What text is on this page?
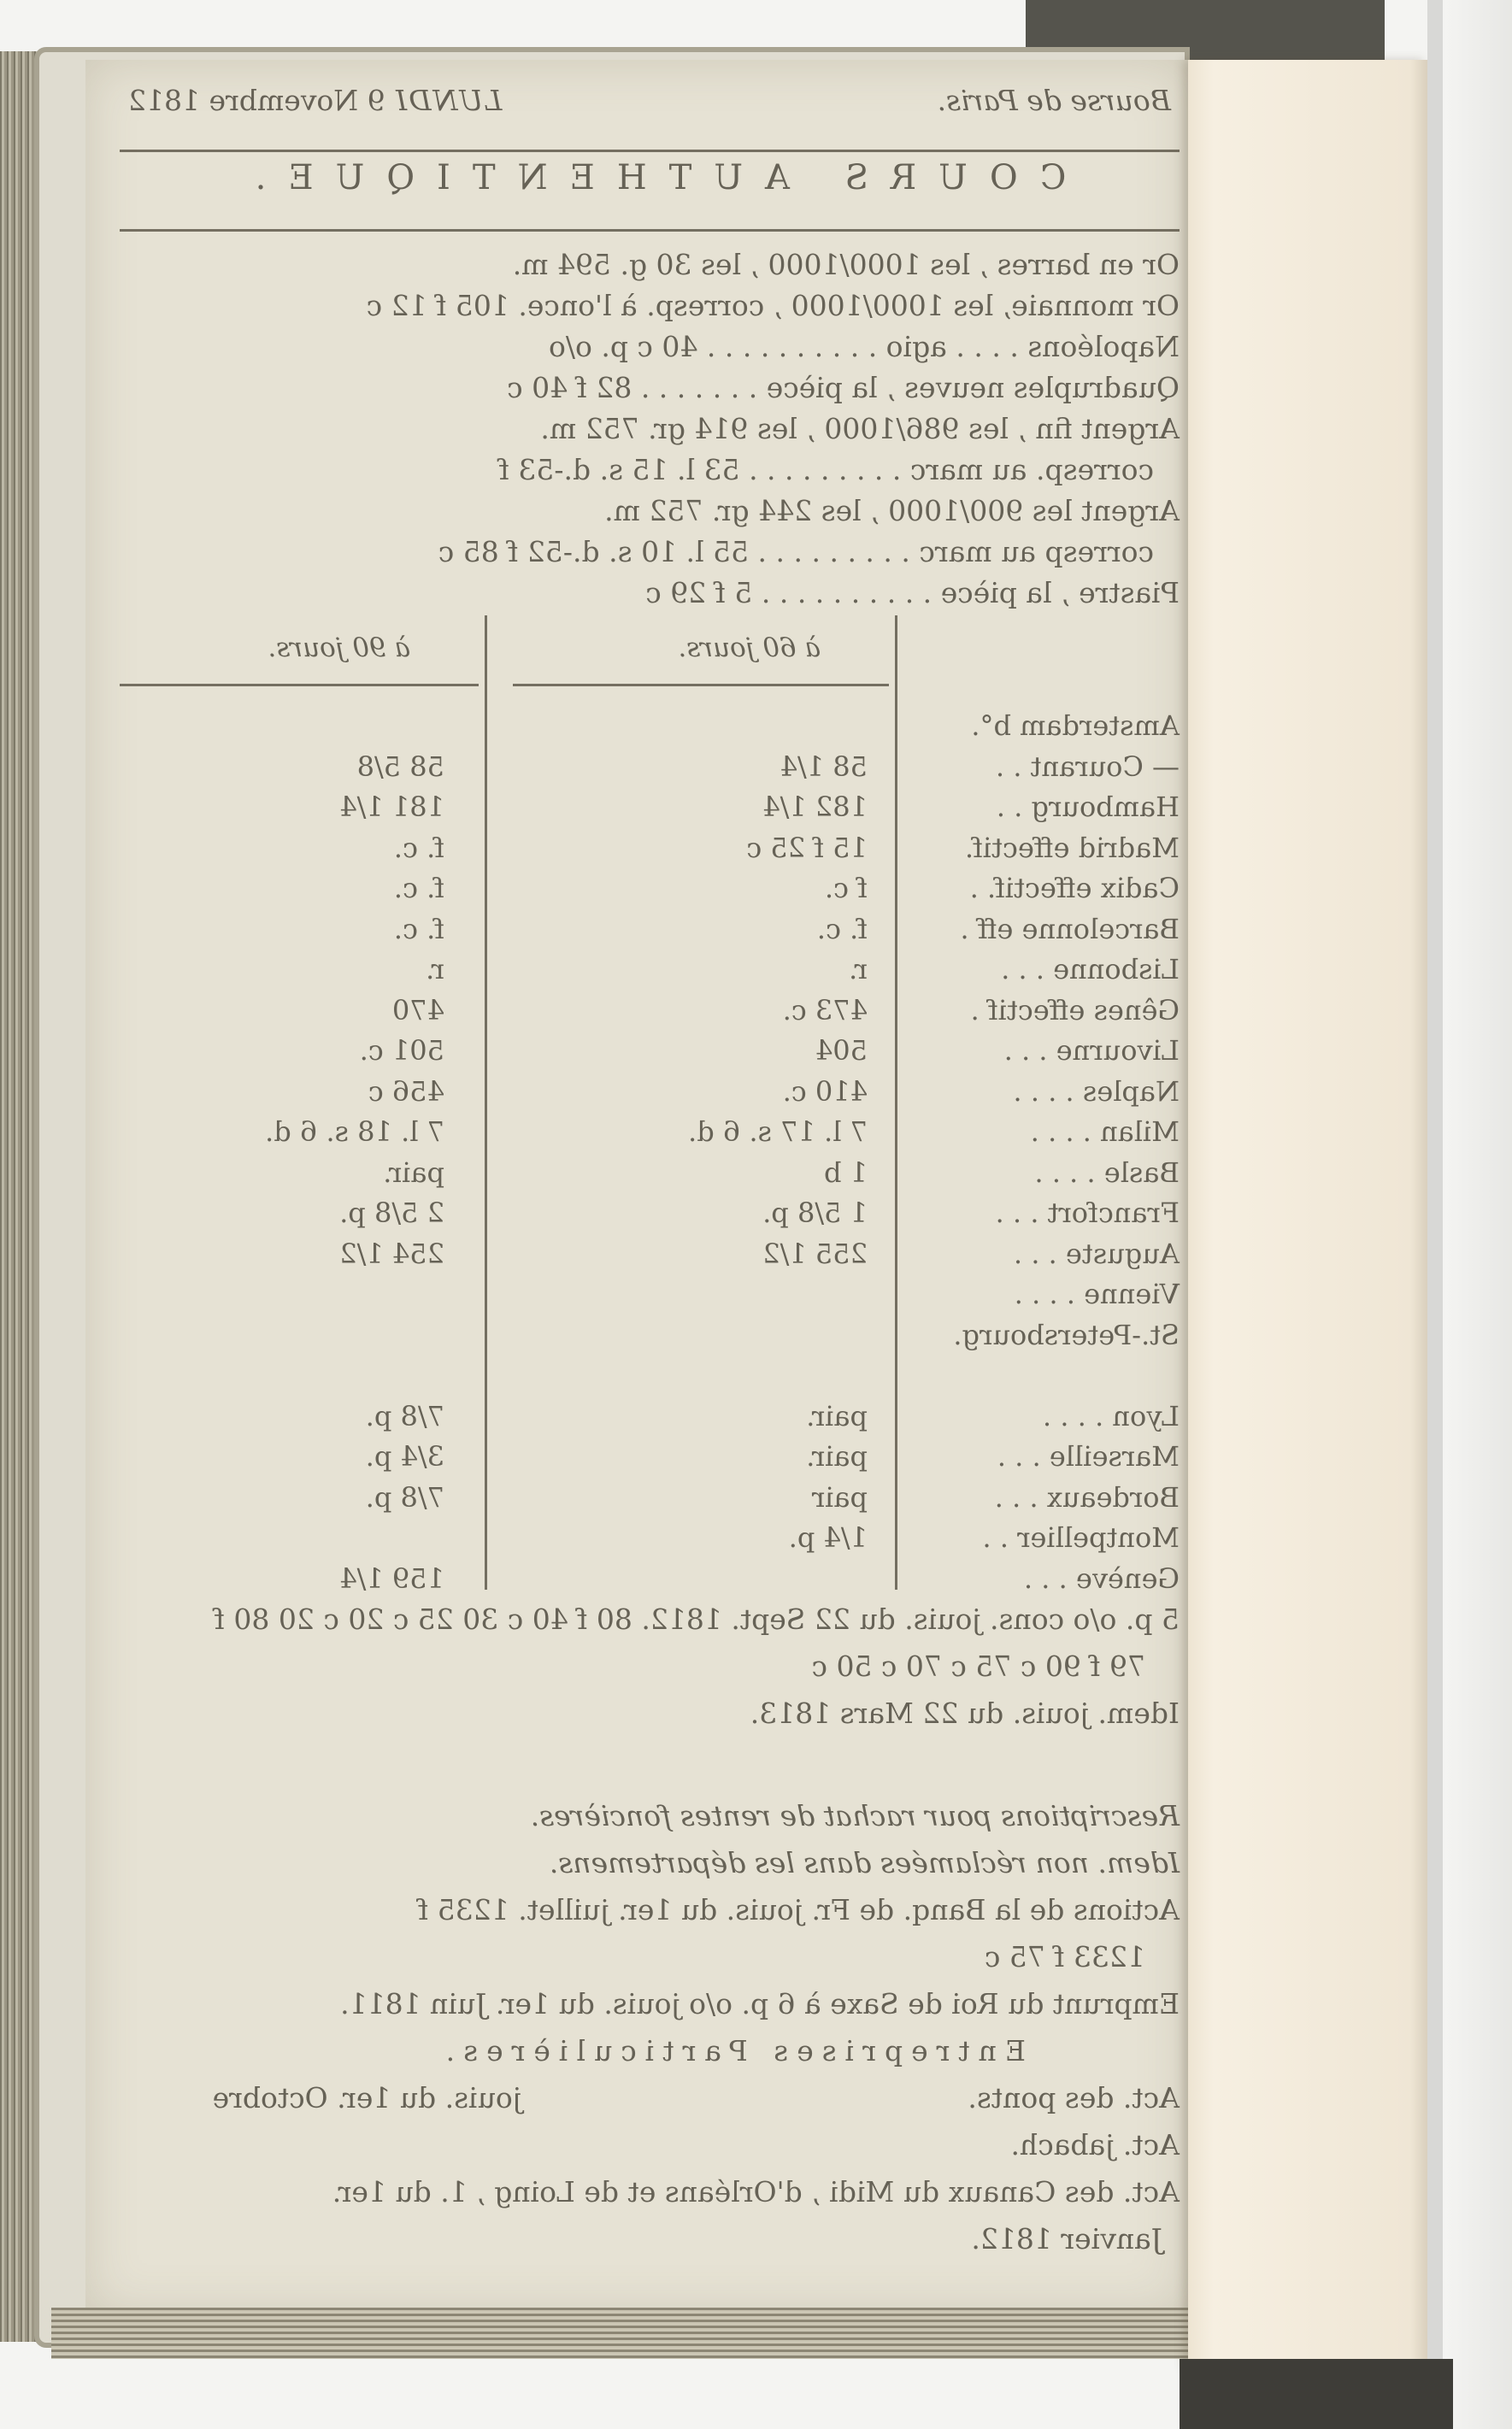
Bourse de Paris.
LUNDI 9 Novembre 1812
COURS AUTHENTIQUE.
Or en barres , les 1000/1000 , les 30 g. 594 m.
Or monnaie, les 1000/1000 , corresp. à l'once. 105 f 12 c
Napoléons . . . . agio . . . . . . . . . . 40 c p. o/o
Quadruples neuves , la pièce . . . . . . . 82 f 40 c
Argent fin , les 986/1000 , les 914 gr. 752 m.
corresp. au marc . . . . . . . . . 53 l. 15 s. d.-53 f
Argent les 900/1000 , les 244 gr. 752 m.
corresp au marc . . . . . . . . . 55 l. 10 s. d.-52 f 85 c
Piastre , la pièce . . . . . . . . . . 5 f 29 c
à 60 jours.
à 90 jours.
Amsterdam b°.
— Courant . .
58 1/4
58 5/8
Hambourg . .
182 1/4
181 1/4
Madrid effectif.
15 f 25 c
f. c.
Cadix effectif. .
f c.
f. c.
Barcelonne eff .
f. c.
f. c.
Lisbonne . . .
r.
r.
Gênes effectif .
473 c.
470
Livourne . . .
504
501 c.
Naples . . . .
410 c.
456 c
Milan . . . .
7 l. 17 s. 6 d.
7 l. 18 s. 6 d.
Basle . . . .
1 b
pair.
Francfort . . .
1 5/8 p.
2 5/8 p.
Auguste . . .
255 1/2
254 1/2
Vienne . . . .
St.-Petersbourg.
Lyon . . . .
pair.
7/8 p.
Marseille . . .
pair.
3/4 p.
Bordeaux . . .
pair
7/8 p.
Montpellier . .
1/4 p.
Genève . . .
159 1/4
5 p. o/o cons. jouis. du 22 Sept. 1812. 80 f 40 c 30 25 c 20 c 20 80 f
79 f 90 c 75 c 70 c 50 c
Idem. jouis. du 22 Mars 1813.
Rescriptions pour rachat de rentes foncières.
Idem. non réclamées dans les départemens.
Actions de la Banq. de Fr. jouis. du 1er. juillet. 1235 f
1233 f 75 c
Emprunt du Roi de Saxe à 6 p. o/o jouis. du 1er. Juin 1811.
Entreprises Particulières.
Act. des ponts.
jouis. du 1er. Octobre
Act. jabach.
Act. des Canaux du Midi , d'Orléans et de Loing , 1. du 1er.
Janvier 1812.
